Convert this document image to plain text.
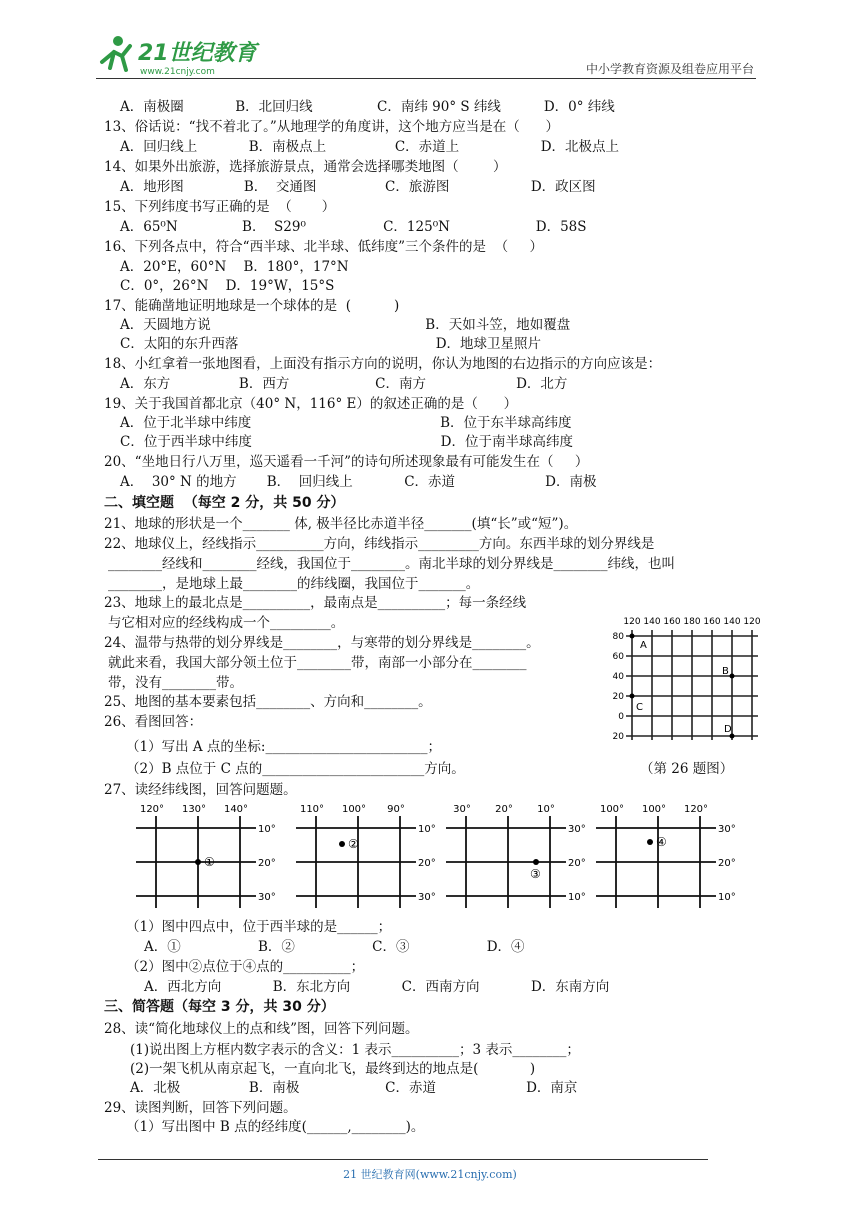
21世纪教育
www.21cnjy.com	中小学教育资源及组卷应用平台
A．南极圈            B．北回归线               C．南纬 90° S 纬线          D．0° 纬线
13、俗话说：“找不着北了。”从地理学的角度讲，这个地方应当是在（      ）
A．回归线上            B．南极点上                C．赤道上                   D．北极点上
14、如果外出旅游，选择旅游景点，通常会选择哪类地图（        ）
A．地形图              B．  交通图                C．旅游图                   D．政区图
15、下列纬度书写正确的是  （       ）
A．65⁰N               B．  S29⁰                  C．125⁰N                    D．58S
16、下列各点中，符合“西半球、北半球、低纬度”三个条件的是  （     ）
A．20°E，60°N    B．180°，17°N
C．0°，26°N    D．19°W，15°S
17、能确凿地证明地球是一个球体的是  (          )
A．天圆地方说                                                  B．天如斗笠，地如覆盘
C．太阳的东升西落                                              D．地球卫星照片
18、小红拿着一张地图看，上面没有指示方向的说明，你认为地图的右边指示的方向应该是：
A．东方                B．西方                    C．南方                     D．北方
19、关于我国首都北京（40° N，116° E）的叙述正确的是（      ）
A．位于北半球中纬度                                            B．位于东半球高纬度
C．位于西半球中纬度                                            D．位于南半球高纬度
20、“坐地日行八万里，巡天遥看一千河”的诗句所述现象最有可能发生在（     ）
A．  30° N 的地方       B．  回归线上            C．赤道                     D．南极
21、地球的形状是一个_______ 体, 极半径比赤道半径_______(填“长”或“短”)。
22、地球仪上，经线指示__________方向，纬线指示_________方向。东西半球的划分界线是
________经线和________经线，我国位于________。南北半球的划分界线是________纬线，也叫
________，是地球上最________的纬线圈，我国位于_______。
23、地球上的最北点是__________，最南点是__________；每一条经线
与它相对应的经线构成一个_________。
24、温带与热带的划分界线是________，与寒带的划分界线是________。
就此来看，我国大部分领土位于________带，南部一小部分在________
带，没有________带。
25、地图的基本要素包括________、方向和________。
26、看图回答：
（1）写出 A 点的坐标:________________________；
（2）B 点位于 C 点的________________________方向。
27、读经纬线图，回答问题题。
（1）图中四点中，位于西半球的是______；
A．①                  B．②                  C．③                  D．④
（2）图中②点位于④点的__________；
A．西北方向            B．东北方向            C．西南方向            D．东南方向
(1)说出图上方框内数字表示的含义：1 表示__________；3 表示________；
(2)一架飞机从南京起飞，一直向北飞，最终到达的地点是(            )
A．北极                B．南极                    C．赤道                     D．南京
29、读图判断，回答下列问题。
（1）写出图中 B 点的经纬度(______,________)。
二、填空题  （每空 2 分，共 50 分）
三、简答题（每空 3 分，共 30 分）
28、读“简化地球仪上的点和线”图，回答下列问题。
120 140 160 180 160 140 120
80
60
40
20
0
20
A
B
C
D
（第 26 题图）
120° 130° 140°
10°
20°
30°
①
110° 100° 90°
10°
20°
30°
②
30° 20° 10°
30°
20°
10°
③
100° 100° 120°
30°
20°
10°
④
21 世纪教育网(www.21cnjy.com)
